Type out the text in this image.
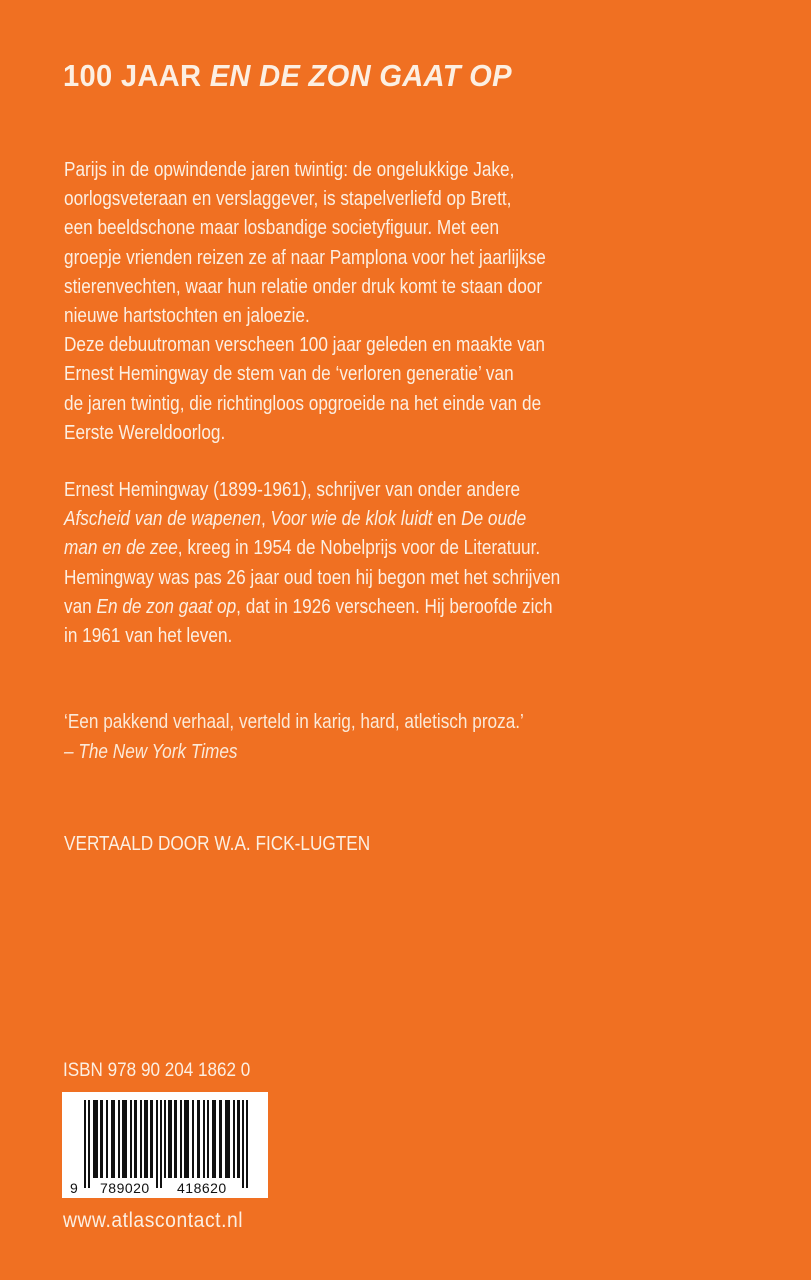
100 JAAR EN DE ZON GAAT OP

Parijs in de opwindende jaren twintig: de ongelukkige Jake,
oorlogsveteraan en verslaggever, is stapelverliefd op Brett,
een beeldschone maar losbandige societyfiguur. Met een
groepje vrienden reizen ze af naar Pamplona voor het jaarlijkse
stierenvechten, waar hun relatie onder druk komt te staan door
nieuwe hartstochten en jaloezie.
Deze debuutroman verscheen 100 jaar geleden en maakte van
Ernest Hemingway de stem van de ‘verloren generatie’ van
de jaren twintig, die richtingloos opgroeide na het einde van de
Eerste Wereldoorlog.

Ernest Hemingway (1899-1961), schrijver van onder andere
Afscheid van de wapenen, Voor wie de klok luidt en De oude
man en de zee, kreeg in 1954 de Nobelprijs voor de Literatuur.
Hemingway was pas 26 jaar oud toen hij begon met het schrijven
van En de zon gaat op, dat in 1926 verscheen. Hij beroofde zich
in 1961 van het leven.

‘Een pakkend verhaal, verteld in karig, hard, atletisch proza.’
– The New York Times

VERTAALD DOOR W.A. FICK-LUGTEN

ISBN 978 90 204 1862 0
9 789020 418620
www.atlascontact.nl
